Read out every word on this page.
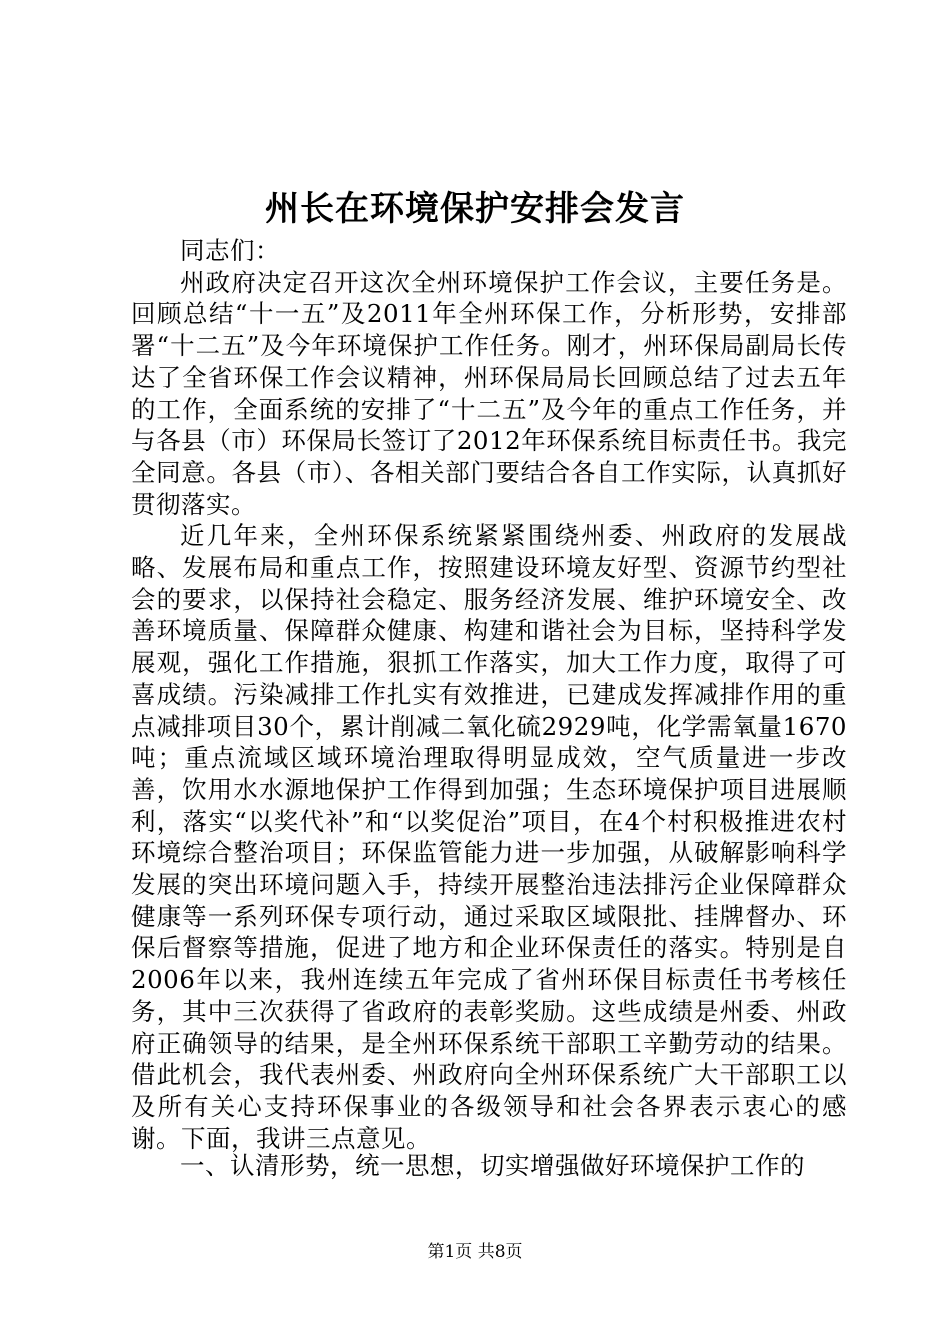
州长在环境保护安排会发言

同志们：

州政府决定召开这次全州环境保护工作会议，主要任务是。回顾总结“十一五”及2011年全州环保工作，分析形势，安排部署“十二五”及今年环境保护工作任务。刚才，州环保局副局长传达了全省环保工作会议精神，州环保局局长回顾总结了过去五年的工作，全面系统的安排了“十二五”及今年的重点工作任务，并与各县（市）环保局长签订了2012年环保系统目标责任书。我完全同意。各县（市）、各相关部门要结合各自工作实际，认真抓好贯彻落实。

近几年来，全州环保系统紧紧围绕州委、州政府的发展战略、发展布局和重点工作，按照建设环境友好型、资源节约型社会的要求，以保持社会稳定、服务经济发展、维护环境安全、改善环境质量、保障群众健康、构建和谐社会为目标，坚持科学发展观，强化工作措施，狠抓工作落实，加大工作力度，取得了可喜成绩。污染减排工作扎实有效推进，已建成发挥减排作用的重点减排项目30个，累计削减二氧化硫2929吨，化学需氧量1670吨；重点流域区域环境治理取得明显成效，空气质量进一步改善，饮用水水源地保护工作得到加强；生态环境保护项目进展顺利，落实“以奖代补”和“以奖促治”项目，在4个村积极推进农村环境综合整治项目；环保监管能力进一步加强，从破解影响科学发展的突出环境问题入手，持续开展整治违法排污企业保障群众健康等一系列环保专项行动，通过采取区域限批、挂牌督办、环保后督察等措施，促进了地方和企业环保责任的落实。特别是自2006年以来，我州连续五年完成了省州环保目标责任书考核任务，其中三次获得了省政府的表彰奖励。这些成绩是州委、州政府正确领导的结果，是全州环保系统干部职工辛勤劳动的结果。借此机会，我代表州委、州政府向全州环保系统广大干部职工以及所有关心支持环保事业的各级领导和社会各界表示衷心的感谢。下面，我讲三点意见。

一、认清形势，统一思想，切实增强做好环境保护工作的

第1页 共8页
